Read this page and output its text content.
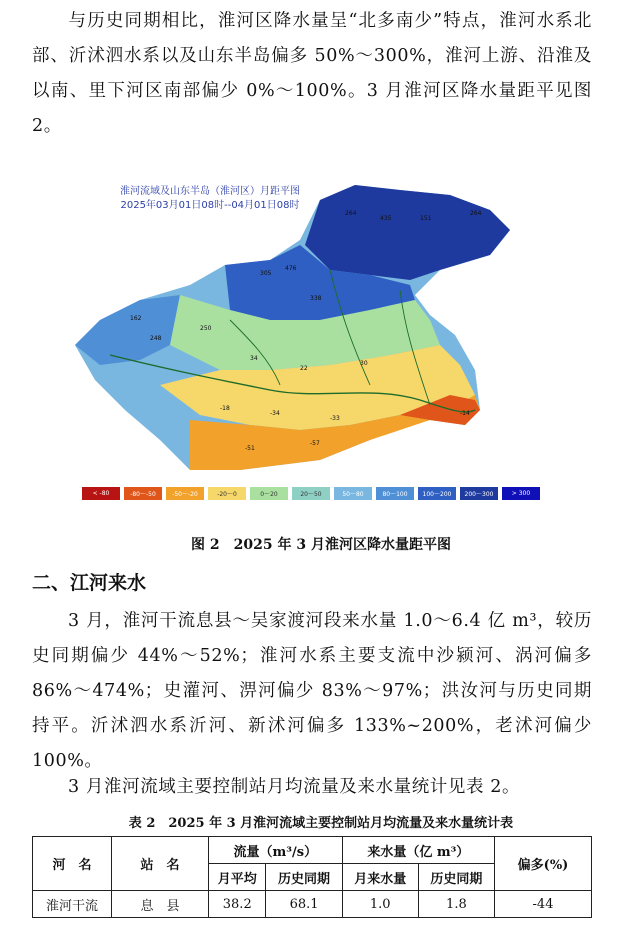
与历史同期相比，淮河区降水量呈“北多南少”特点，淮河水系北部、沂沭泗水系以及山东半岛偏多 50%～300%，淮河上游、沿淮及以南、里下河区南部偏少 0%～100%。3 月淮河区降水量距平见图 2。

264
435	151
264
305
476
338
162
248
250
34
22
30
-18
-34
-33
-51
-57
-14
淮河流域及山东半岛（淮河区）月距平图
2025年03月01日08时--04月01日08时
< -80	-80～-50	-50～-20	-20～0	0～20	20～50	50～80	80～100	100～200	200～300	> 300
图 2　2025 年 3 月淮河区降水量距平图
二、江河来水

3 月，淮河干流息县～吴家渡河段来水量 1.0～6.4 亿 m³，较历史同期偏少 44%～52%；淮河水系主要支流中沙颍河、涡河偏多 86%～474%；史灌河、淠河偏少 83%～97%；洪汝河与历史同期持平。沂沭泗水系沂河、新沭河偏多 133%~200%，老沭河偏少 100%。

3 月淮河流域主要控制站月均流量及来水量统计见表 2。

表 2　2025 年 3 月淮河流域主要控制站月均流量及来水量统计表
河　名	站　名	流量（m³/s）		来水量（亿 m³）		偏多(%)
		月平均	历史同期	月来水量	历史同期	
淮河干流	息　县	38.2	68.1	1.0	1.8	-44
